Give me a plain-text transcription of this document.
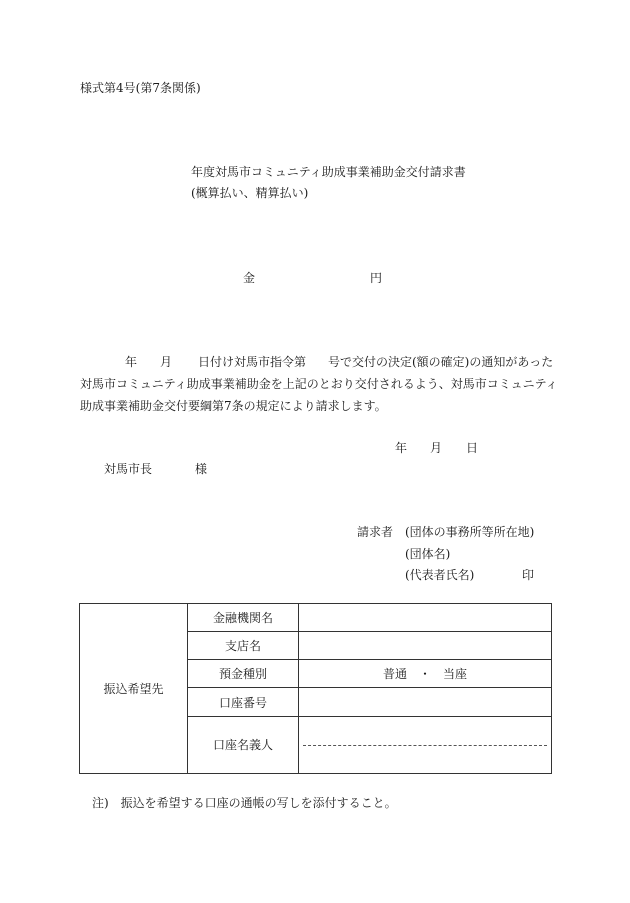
様式第4号(第7条関係)
年度対馬市コミュニティ助成事業補助金交付請求書
(概算払い、精算払い)
金	円
年 月 日付け対馬市指令第 号で交付の決定(額の確定)の通知があった
対馬市コミュニティ助成事業補助金を上記のとおり交付されるよう、対馬市コミュニティ
助成事業補助金交付要綱第7条の規定により請求します。
年 月 日
対馬市長	様
請求者 (団体の事務所等所在地)
(団体名)
(代表者氏名)	印
振込希望先	金融機関名	
	支店名	
	預金種別	普通　・　当座
	口座番号	
	口座名義人	
注)　振込を希望する口座の通帳の写しを添付すること。
